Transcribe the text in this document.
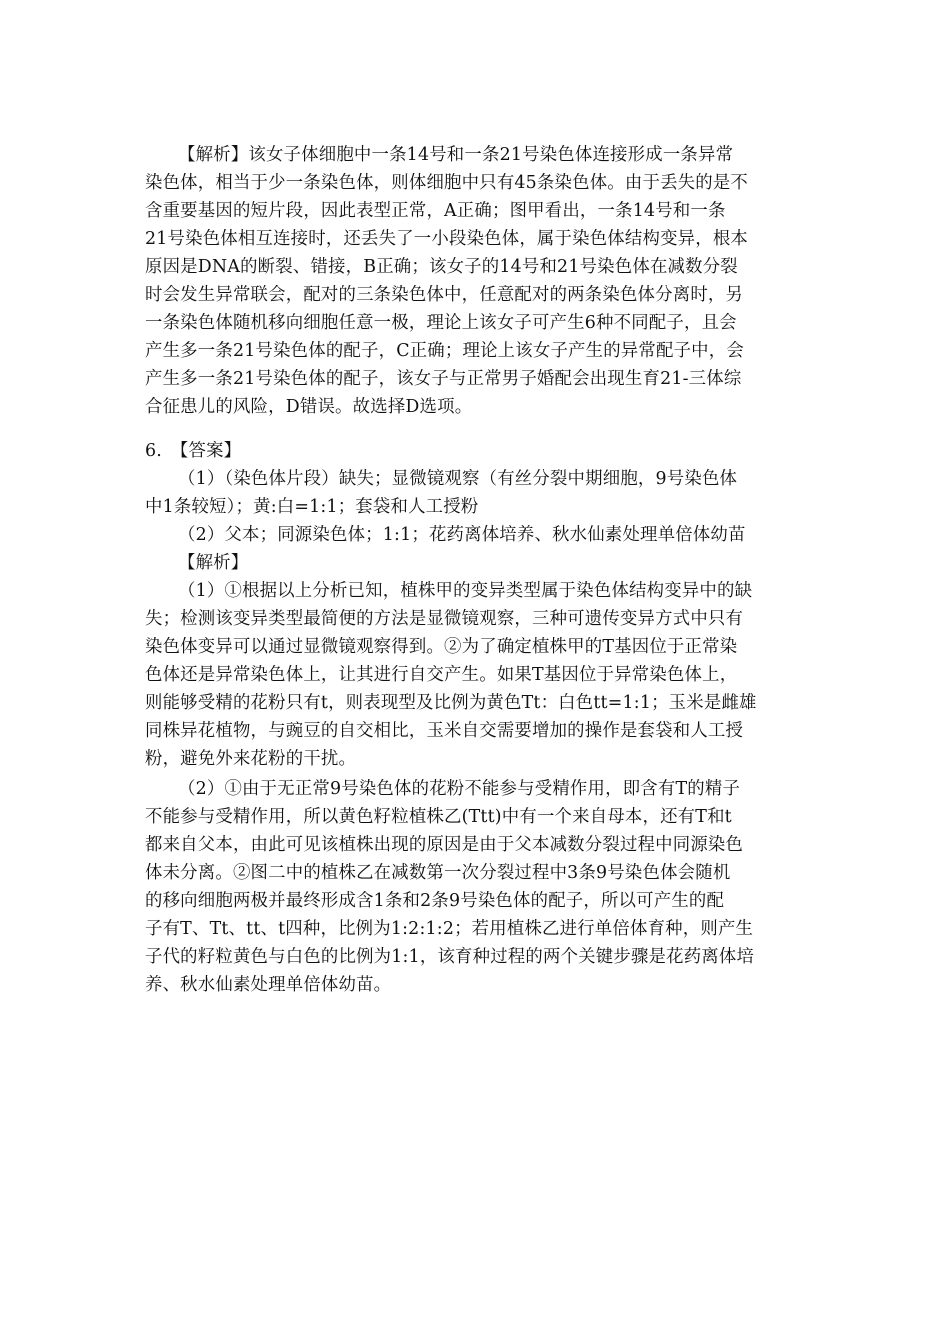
【解析】该女子体细胞中一条14号和一条21号染色体连接形成一条异常
染色体，相当于少一条染色体，则体细胞中只有45条染色体。由于丢失的是不
含重要基因的短片段，因此表型正常，A正确；图甲看出，一条14号和一条
21号染色体相互连接时，还丢失了一小段染色体，属于染色体结构变异，根本
原因是DNA的断裂、错接，B正确；该女子的14号和21号染色体在减数分裂
时会发生异常联会，配对的三条染色体中，任意配对的两条染色体分离时，另
一条染色体随机移向细胞任意一极，理论上该女子可产生6种不同配子，且会
产生多一条21号染色体的配子，C正确；理论上该女子产生的异常配子中，会
产生多一条21号染色体的配子，该女子与正常男子婚配会出现生育21-三体综
合征患儿的风险，D错误。故选择D选项。
6.　【答案】
（1）（染色体片段）缺失；显微镜观察（有丝分裂中期细胞，9号染色体
中1条较短）；黄:白=1:1；套袋和人工授粉
（2）父本；同源染色体；1:1；花药离体培养、秋水仙素处理单倍体幼苗
【解析】
（1）①根据以上分析已知，植株甲的变异类型属于染色体结构变异中的缺
失；检测该变异类型最简便的方法是显微镜观察，三种可遗传变异方式中只有
染色体变异可以通过显微镜观察得到。②为了确定植株甲的T基因位于正常染
色体还是异常染色体上，让其进行自交产生。如果T基因位于异常染色体上，
则能够受精的花粉只有t，则表现型及比例为黄色Tt：白色tt=1:1；玉米是雌雄
同株异花植物，与豌豆的自交相比，玉米自交需要增加的操作是套袋和人工授
粉，避免外来花粉的干扰。
（2）①由于无正常9号染色体的花粉不能参与受精作用，即含有T的精子
不能参与受精作用，所以黄色籽粒植株乙(Ttt)中有一个来自母本，还有T和t
都来自父本，由此可见该植株出现的原因是由于父本减数分裂过程中同源染色
体未分离。②图二中的植株乙在减数第一次分裂过程中3条9号染色体会随机
的移向细胞两极并最终形成含1条和2条9号染色体的配子，所以可产生的配
子有T、Tt、tt、t四种，比例为1:2:1:2；若用植株乙进行单倍体育种，则产生
子代的籽粒黄色与白色的比例为1:1，该育种过程的两个关键步骤是花药离体培
养、秋水仙素处理单倍体幼苗。
